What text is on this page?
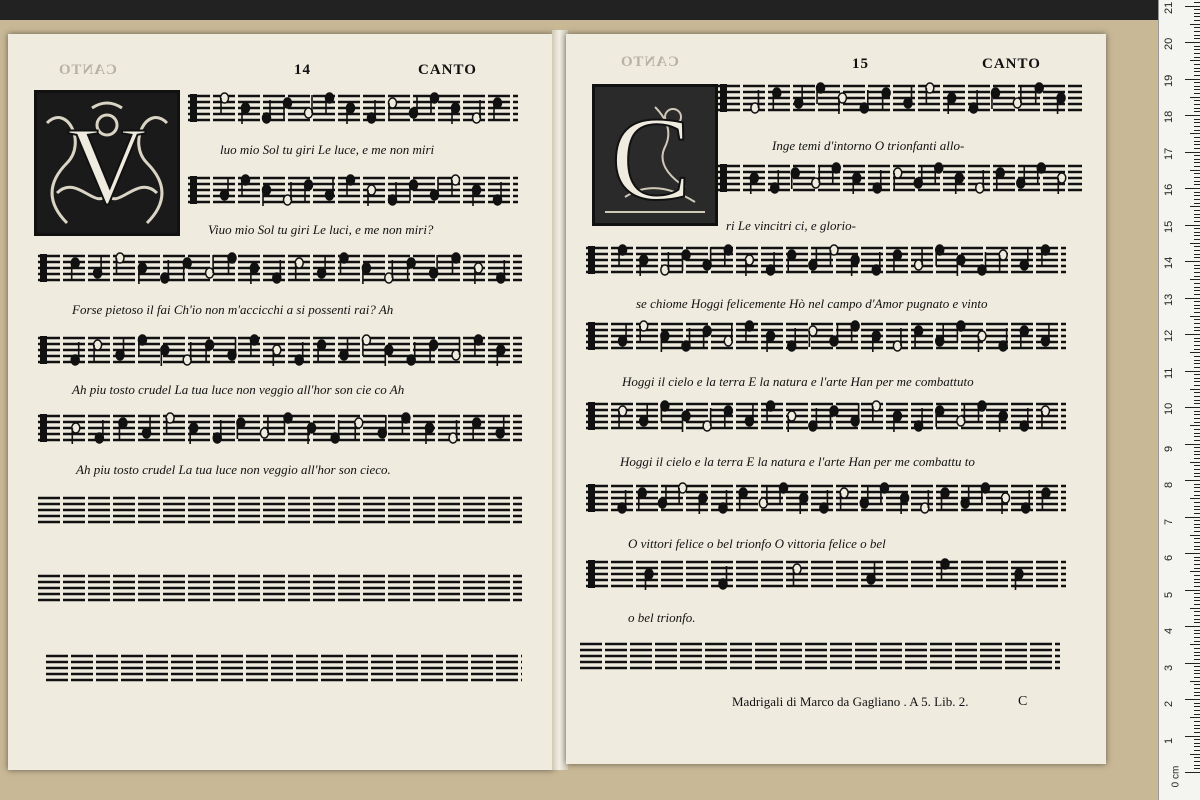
CANTO	14	CANTO
V	luo mio Sol tu giri Le luce, e me non miri
Viuo mio Sol tu giri Le luci, e me non miri?
Forse pietoso il fai Ch'io non m'accicchi a si possenti rai? Ah
Ah piu tosto crudel La tua luce non veggio all'hor son cie co Ah
Ah piu tosto crudel La tua luce non veggio all'hor son cieco.
CANTO	15	CANTO
C	Inge temi d'intorno O trionfanti allo-
ri Le vincitri ci, e glorio-
se chiome Hoggi felicemente Hò nel campo d'Amor pugnato e vinto
Hoggi il cielo e la terra E la natura e l'arte Han per me combattuto
Hoggi il cielo e la terra E la natura e l'arte Han per me combattu to
O vittori felice o bel trionfo O vittoria felice o bel
o bel trionfo.
Madrigali di Marco da Gagliano . A 5. Lib. 2.	C
0 cm
1
2
3
4
5
6
7
8
9
10
11
12
13
14
15
16
17
18
19
20
21
